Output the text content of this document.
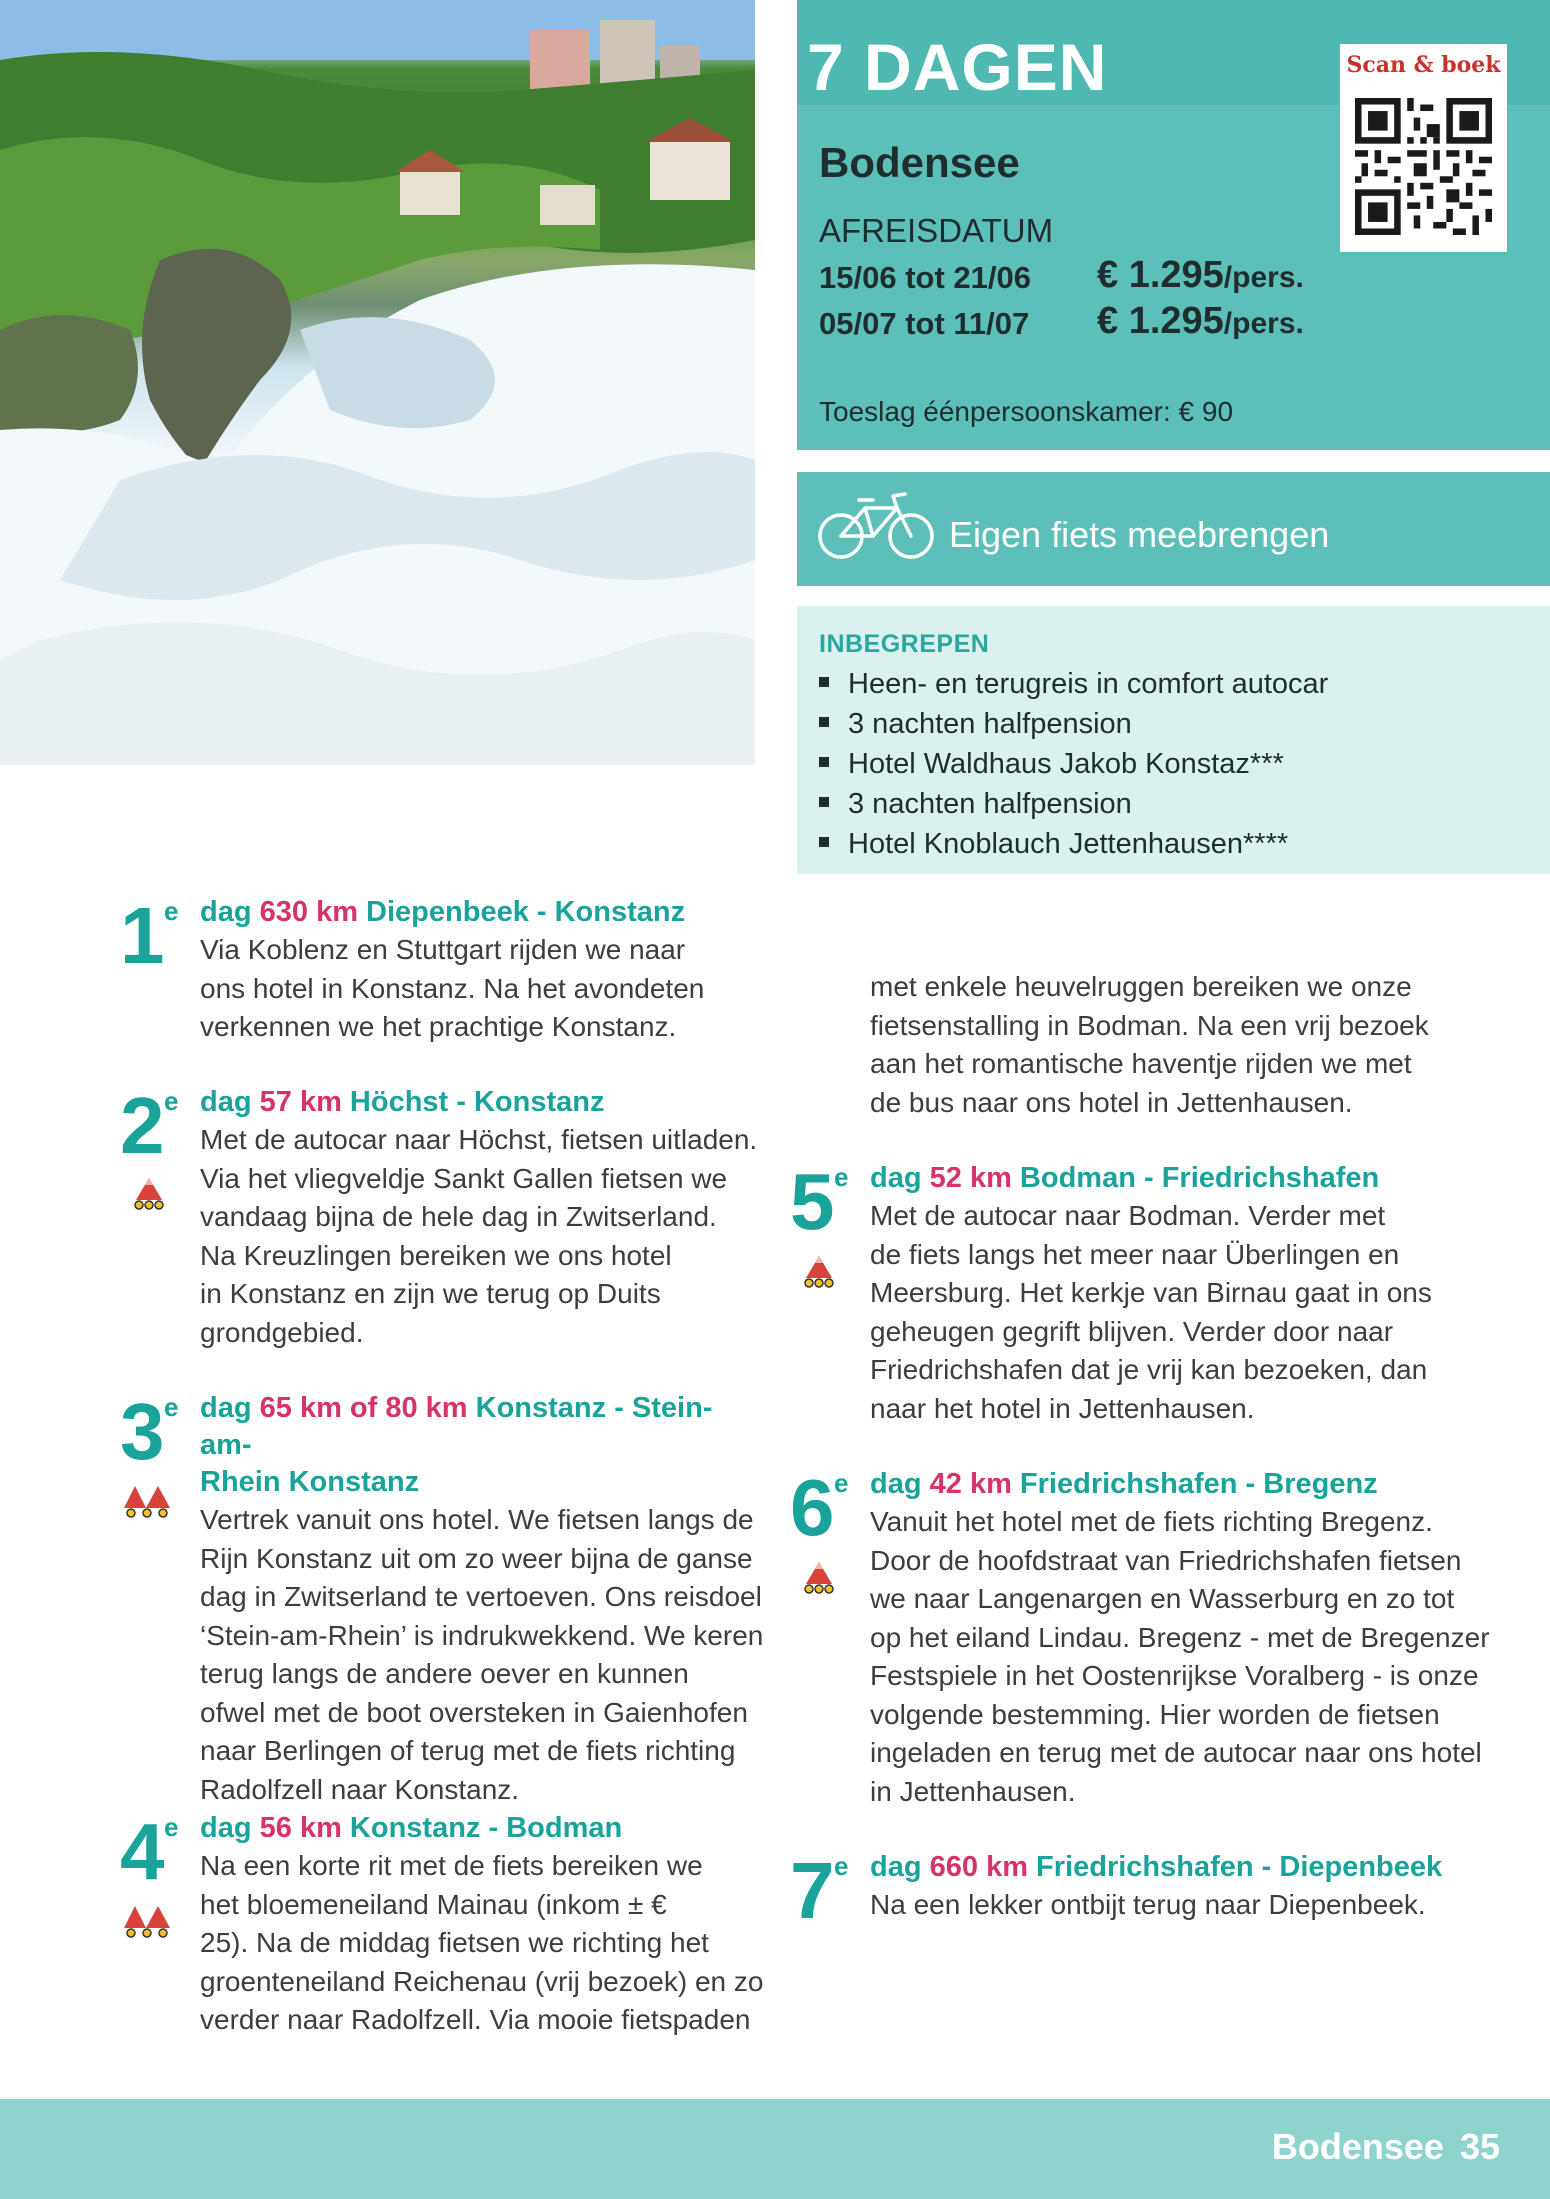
7 DAGEN
Bodensee
AFREISDATUM
15/06 tot 21/06 € 1.295/pers.
05/07 tot 11/07 € 1.295/pers.
Toeslag éénpersoonskamer: € 90
Scan & boek
Eigen fiets meebrengen
INBEGREPEN
Heen- en terugreis in comfort autocar
3 nachten halfpension
Hotel Waldhaus Jakob Konstaz***
3 nachten halfpension
Hotel Knoblauch Jettenhausen****
1 e dag 630 km Diepenbeek - Konstanz
Via Koblenz en Stuttgart rijden we naar
ons hotel in Konstanz. Na het avondeten
verkennen we het prachtige Konstanz.
2 e dag 57 km Höchst - Konstanz
Met de autocar naar Höchst, fietsen uitladen.
Via het vliegveldje Sankt Gallen fietsen we
vandaag bijna de hele dag in Zwitserland.
Na Kreuzlingen bereiken we ons hotel
in Konstanz en zijn we terug op Duits
grondgebied.
3 e dag 65 km of 80 km Konstanz - Stein-am-
Rhein Konstanz
Vertrek vanuit ons hotel. We fietsen langs de
Rijn Konstanz uit om zo weer bijna de ganse
dag in Zwitserland te vertoeven. Ons reisdoel
‘Stein-am-Rhein’ is indrukwekkend. We keren
terug langs de andere oever en kunnen
ofwel met de boot oversteken in Gaienhofen
naar Berlingen of terug met de fiets richting
Radolfzell naar Konstanz.
4 e dag 56 km Konstanz - Bodman
Na een korte rit met de fiets bereiken we
het bloemeneiland Mainau (inkom ± €
25). Na de middag fietsen we richting het
groenteneiland Reichenau (vrij bezoek) en zo
verder naar Radolfzell. Via mooie fietspaden
met enkele heuvelruggen bereiken we onze
fietsenstalling in Bodman. Na een vrij bezoek
aan het romantische haventje rijden we met
de bus naar ons hotel in Jettenhausen.
5 e dag 52 km Bodman - Friedrichshafen
Met de autocar naar Bodman. Verder met
de fiets langs het meer naar Überlingen en
Meersburg. Het kerkje van Birnau gaat in ons
geheugen gegrift blijven. Verder door naar
Friedrichshafen dat je vrij kan bezoeken, dan
naar het hotel in Jettenhausen.
6 e dag 42 km Friedrichshafen - Bregenz
Vanuit het hotel met de fiets richting Bregenz.
Door de hoofdstraat van Friedrichshafen fietsen
we naar Langenargen en Wasserburg en zo tot
op het eiland Lindau. Bregenz - met de Bregenzer
Festspiele in het Oostenrijkse Voralberg - is onze
volgende bestemming. Hier worden de fietsen
ingeladen en terug met de autocar naar ons hotel
in Jettenhausen.
7 e dag 660 km Friedrichshafen - Diepenbeek
Na een lekker ontbijt terug naar Diepenbeek.
Bodensee 35
